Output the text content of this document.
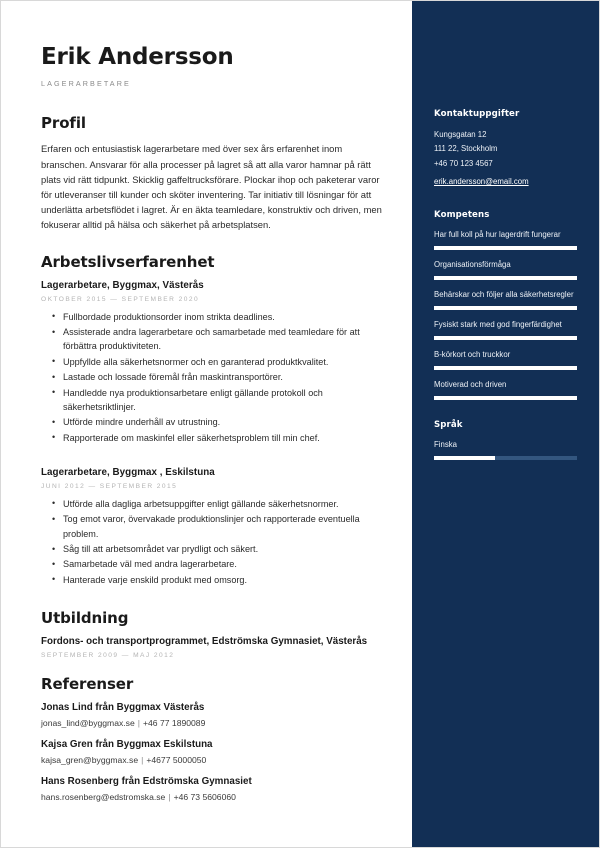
Erik Andersson
LAGERARBETARE
Profil

Erfaren och entusiastisk lagerarbetare med över sex års erfarenhet inom branschen. Ansvarar för alla processer på lagret så att alla varor hamnar på rätt plats vid rätt tidpunkt. Skicklig gaffeltrucksförare. Plockar ihop och paketerar varor för utleveranser till kunder och sköter inventering. Tar initiativ till lösningar för att underlätta arbetsflödet i lagret. Är en äkta teamledare, konstruktiv och driven, men fokuserar alltid på hälsa och säkerhet på arbetsplatsen.

Arbetslivserfarenhet
Lagerarbetare, Byggmax, Västerås
OKTOBER 2015 — SEPTEMBER 2020
• Fullbordade produktionsorder inom strikta deadlines.
• Assisterade andra lagerarbetare och samarbetade med teamledare för att förbättra produktiviteten.
• Uppfyllde alla säkerhetsnormer och en garanterad produktkvalitet.
• Lastade och lossade föremål från maskintransportörer.
• Handledde nya produktionsarbetare enligt gällande protokoll och säkerhetsriktlinjer.
• Utförde mindre underhåll av utrustning.
• Rapporterade om maskinfel eller säkerhetsproblem till min chef.
Lagerarbetare, Byggmax , Eskilstuna
JUNI 2012 — SEPTEMBER 2015
• Utförde alla dagliga arbetsuppgifter enligt gällande säkerhetsnormer.
• Tog emot varor, övervakade produktionslinjer och rapporterade eventuella problem.
• Såg till att arbetsområdet var prydligt och säkert.
• Samarbetade väl med andra lagerarbetare.
• Hanterade varje enskild produkt med omsorg.
Utbildning
Fordons- och transportprogrammet, Edströmska Gymnasiet, Västerås
SEPTEMBER 2009 — MAJ 2012
Referenser
Jonas Lind från Byggmax Västerås

jonas_lind@byggmax.se | +46 77 1890089

Kajsa Gren från Byggmax Eskilstuna

kajsa_gren@byggmax.se | +4677 5000050

Hans Rosenberg från Edströmska Gymnasiet

hans.rosenberg@edstromska.se | +46 73 5606060

Kontaktuppgifter

Kungsgatan 12

111 22, Stockholm

+46 70 123 4567

erik.andersson@email.com
Kompetens

Har full koll på hur lagerdrift fungerar

Organisationsförmåga

Behärskar och följer alla säkerhetsregler

Fysiskt stark med god fingerfärdighet

B-körkort och truckkor

Motiverad och driven

Språk

Finska
